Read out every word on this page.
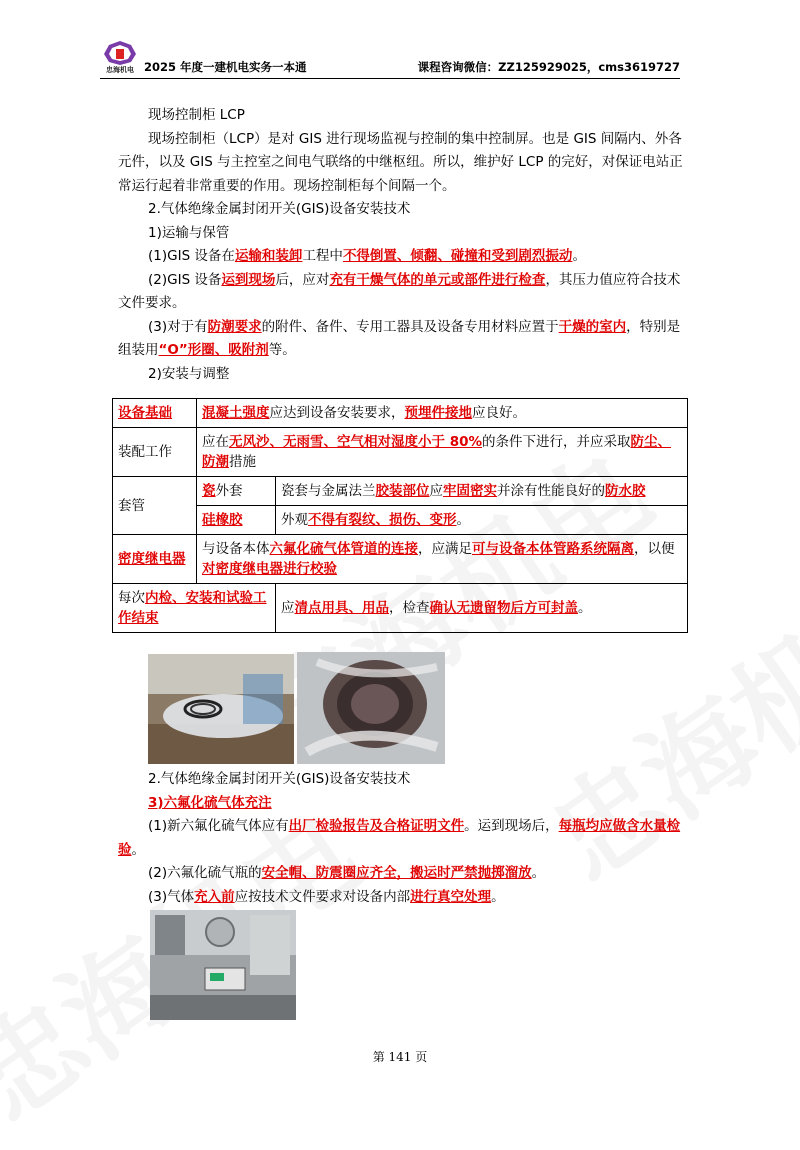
忠海机电 2025 年度一建机电实务一本通	课程咨询微信：ZZ125929025，cms3619727

现场控制柜 LCP

现场控制柜（LCP）是对 GIS 进行现场监视与控制的集中控制屏。也是 GIS 间隔内、外各元件，以及 GIS 与主控室之间电气联络的中继枢纽。所以，维护好 LCP 的完好，对保证电站正常运行起着非常重要的作用。现场控制柜每个间隔一个。

2.气体绝缘金属封闭开关(GIS)设备安装技术

1)运输与保管

(1)GIS 设备在运输和装卸工程中不得倒置、倾翻、碰撞和受到剧烈振动。

(2)GIS 设备运到现场后，应对充有干燥气体的单元或部件进行检查，其压力值应符合技术文件要求。

(3)对于有防潮要求的附件、备件、专用工器具及设备专用材料应置于干燥的室内，特别是组装用“O”形圈、吸附剂等。

2)安装与调整

设备基础	混凝土强度应达到设备安装要求，预埋件接地应良好。	
装配工作	应在无风沙、无雨雪、空气相对湿度小于 80%的条件下进行，并应采取防尘、防潮措施	
套管	瓷外套	瓷套与金属法兰胶装部位应牢固密实并涂有性能良好的防水胶
	硅橡胶	外观不得有裂纹、损伤、变形。
密度继电器	与设备本体六氟化硫气体管道的连接，应满足可与设备本体管路系统隔离，以便对密度继电器进行校验	
每次内检、安装和试验工作结束		应清点用具、用品，检查确认无遗留物后方可封盖。

2.气体绝缘金属封闭开关(GIS)设备安装技术

3)六氟化硫气体充注

(1)新六氟化硫气体应有出厂检验报告及合格证明文件。运到现场后，每瓶均应做含水量检验。

(2)六氟化硫气瓶的安全帽、防震圈应齐全，搬运时严禁抛掷溜放。

(3)气体充入前应按技术文件要求对设备内部进行真空处理。

第 141 页
